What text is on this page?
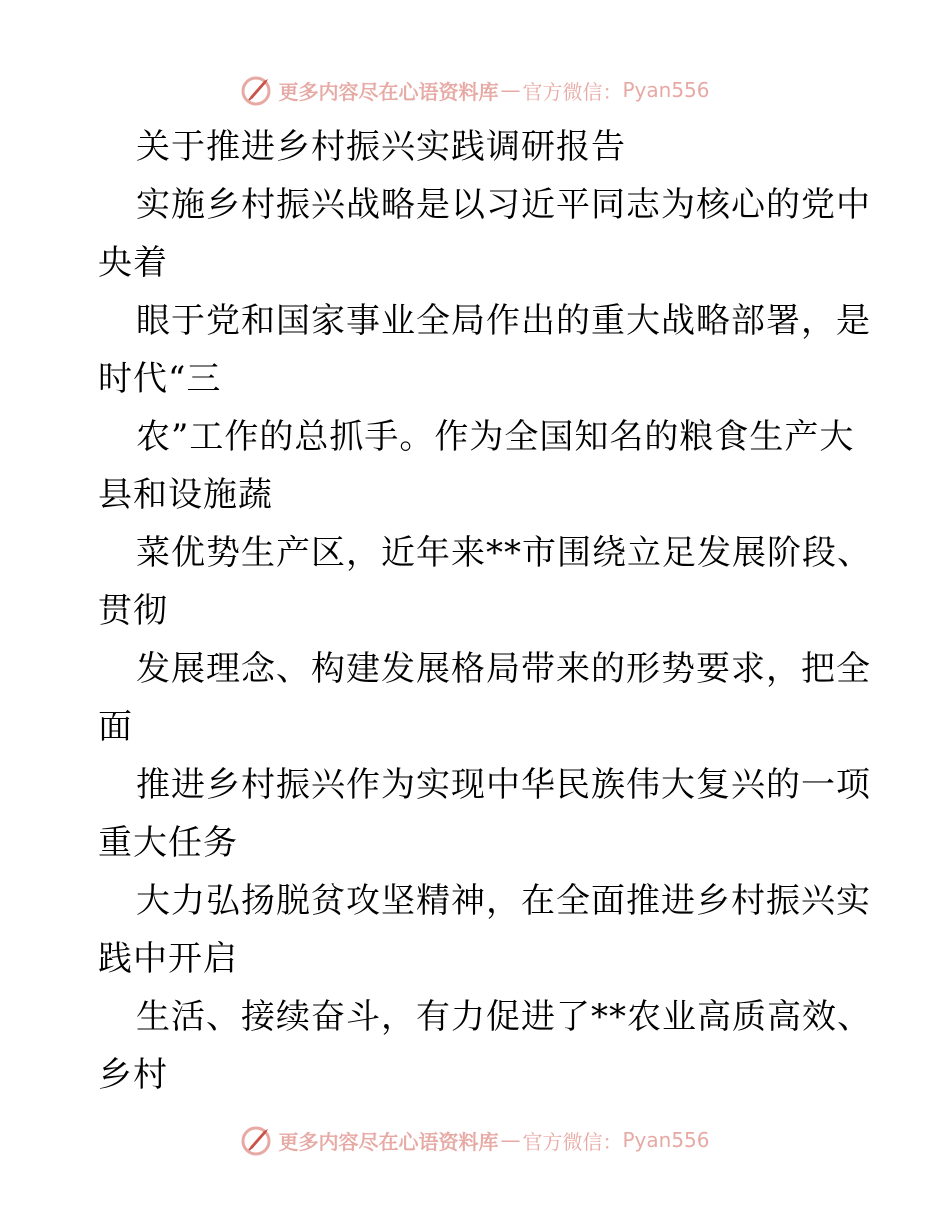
更多内容尽在心语资料库 — 官方微信： Pyan556
关于推进乡村振兴实践调研报告
实施乡村振兴战略是以习近平同志为核心的党中
央着
眼于党和国家事业全局作出的重大战略部署，是
时代“三
农”工作的总抓手。作为全国知名的粮食生产大
县和设施蔬
菜优势生产区，近年来**市围绕立足发展阶段、
贯彻
发展理念、构建发展格局带来的形势要求，把全
面
推进乡村振兴作为实现中华民族伟大复兴的一项
重大任务
大力弘扬脱贫攻坚精神，在全面推进乡村振兴实
践中开启
生活、接续奋斗，有力促进了**农业高质高效、
乡村
更多内容尽在心语资料库 — 官方微信： Pyan556
